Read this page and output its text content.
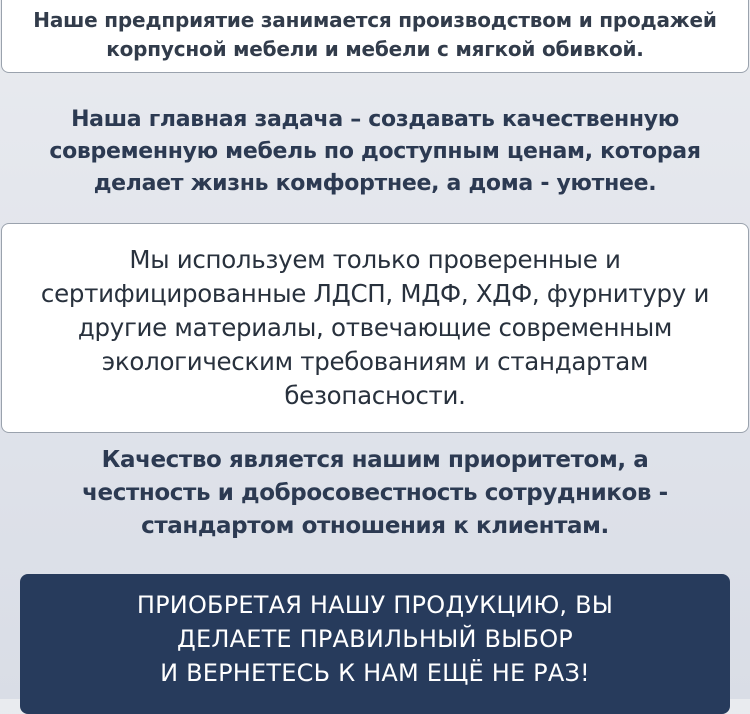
Наше предприятие занимается производством и продажей
корпусной мебели и мебели с мягкой обивкой.

Наша главная задача – создавать качественную
современную мебель по доступным ценам, которая
делает жизнь комфортнее, а дома - уютнее.

Мы используем только проверенные и
сертифицированные ЛДСП, МДФ, ХДФ, фурнитуру и
другие материалы, отвечающие современным
экологическим требованиям и стандартам
безопасности.

Качество является нашим приоритетом, а
честность и добросовестность сотрудников -
стандартом отношения к клиентам.

ПРИОБРЕТАЯ НАШУ ПРОДУКЦИЮ, ВЫ
ДЕЛАЕТЕ ПРАВИЛЬНЫЙ ВЫБОР
И ВЕРНЕТЕСЬ К НАМ ЕЩЁ НЕ РАЗ!
